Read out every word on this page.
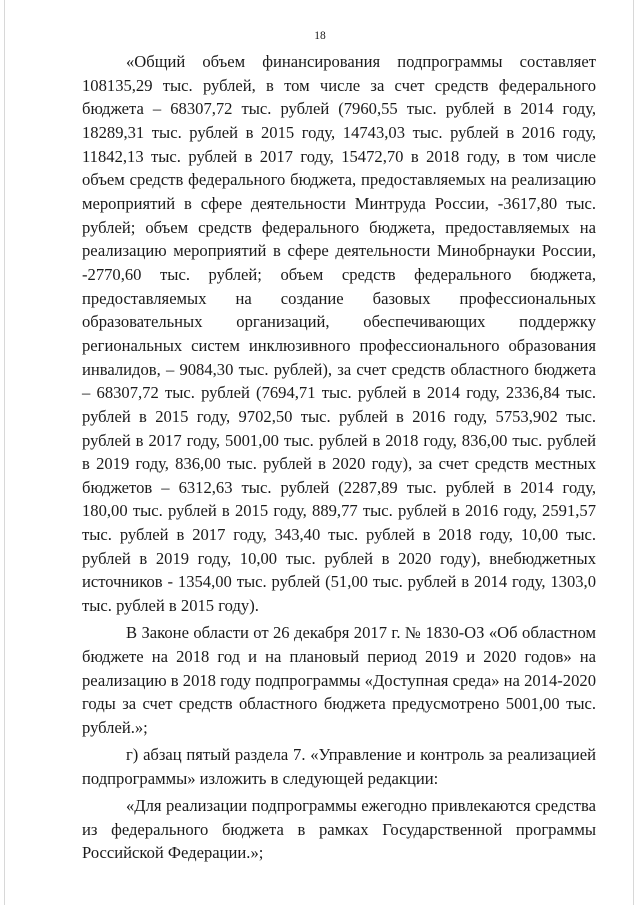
18

«Общий объем финансирования подпрограммы составляет 108135,29 тыс. рублей, в том числе за счет средств федерального бюджета – 68307,72 тыс. рублей (7960,55 тыс. рублей в 2014 году, 18289,31 тыс. рублей в 2015 году, 14743,03 тыс. рублей в 2016 году, 11842,13 тыс. рублей в 2017 году, 15472,70 в 2018 году, в том числе объем средств федерального бюджета, предоставляемых на реализацию мероприятий в сфере деятельности Минтруда России, -3617,80 тыс. рублей; объем средств федерального бюджета, предоставляемых на реализацию мероприятий в сфере деятельности Минобрнауки России, -2770,60 тыс. рублей; объем средств федерального бюджета, предоставляемых на создание базовых профессиональных образовательных организаций, обеспечивающих поддержку региональных систем инклюзивного профессионального образования инвалидов, – 9084,30 тыс. рублей), за счет средств областного бюджета – 68307,72 тыс. рублей (7694,71 тыс. рублей в 2014 году, 2336,84 тыс. рублей в 2015 году, 9702,50 тыс. рублей в 2016 году, 5753,902 тыс. рублей в 2017 году, 5001,00 тыс. рублей в 2018 году, 836,00 тыс. рублей в 2019 году, 836,00 тыс. рублей в 2020 году), за счет средств местных бюджетов – 6312,63 тыс. рублей (2287,89 тыс. рублей в 2014 году, 180,00 тыс. рублей в 2015 году, 889,77 тыс. рублей в 2016 году, 2591,57 тыс. рублей в 2017 году, 343,40 тыс. рублей в 2018 году, 10,00 тыс. рублей в 2019 году, 10,00 тыс. рублей в 2020 году), внебюджетных источников - 1354,00 тыс. рублей (51,00 тыс. рублей в 2014 году, 1303,0 тыс. рублей в 2015 году).

В Законе области от 26 декабря 2017 г. № 1830-ОЗ «Об областном бюджете на 2018 год и на плановый период 2019 и 2020 годов» на реализацию в 2018 году подпрограммы «Доступная среда» на 2014-2020 годы за счет средств областного бюджета предусмотрено 5001,00 тыс. рублей.»;

г) абзац пятый раздела 7. «Управление и контроль за реализацией подпрограммы» изложить в следующей редакции:

«Для реализации подпрограммы ежегодно привлекаются средства из федерального бюджета в рамках Государственной программы Российской Федерации.»;
